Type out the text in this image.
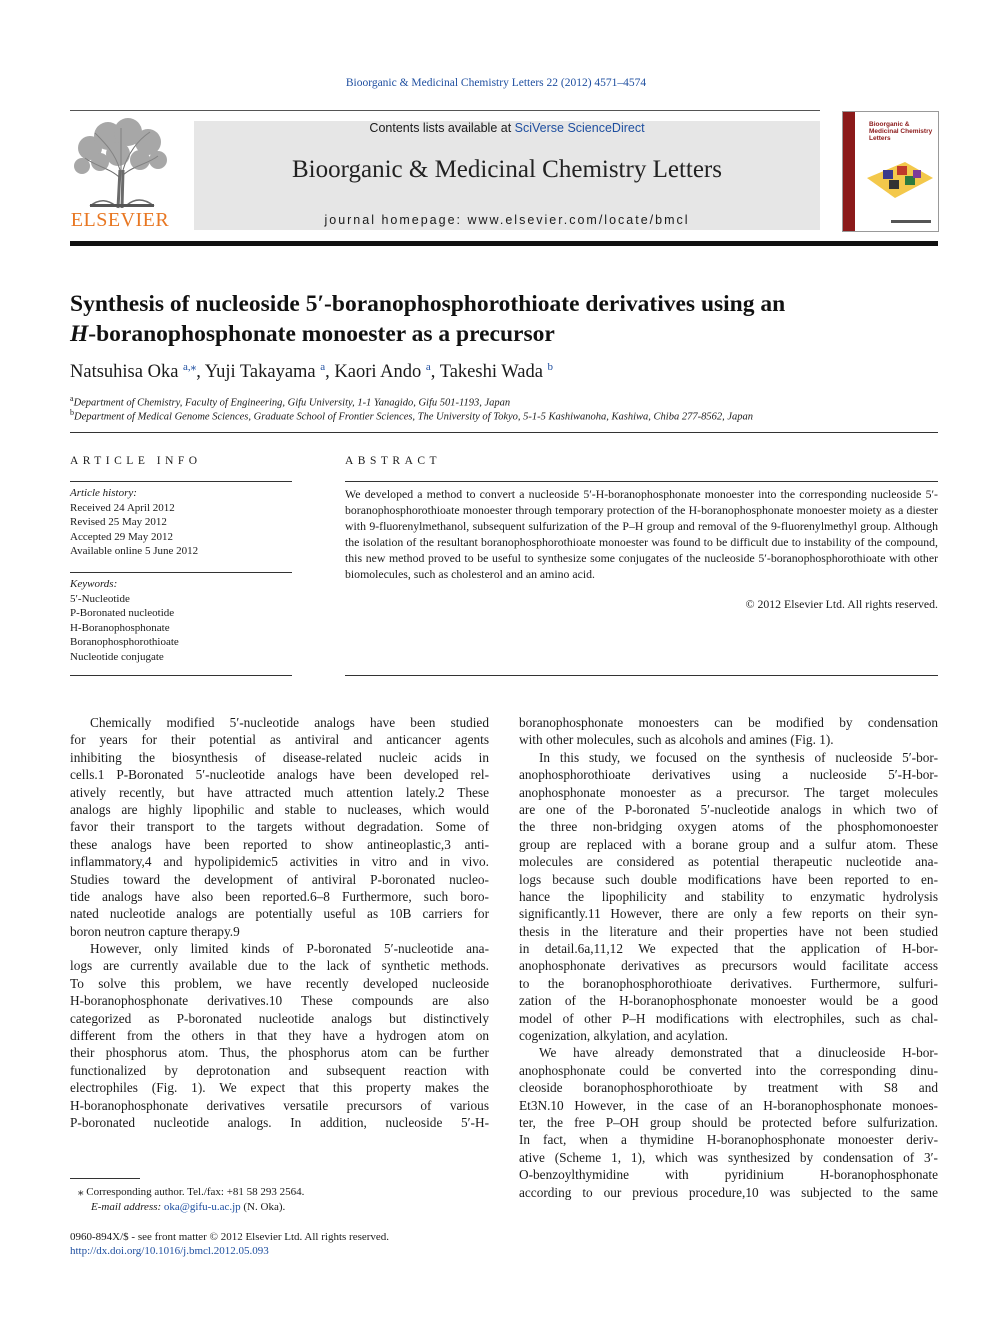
Bioorganic & Medicinal Chemistry Letters 22 (2012) 4571–4574
ELSEVIER
Contents lists available at SciVerse ScienceDirect
Bioorganic & Medicinal Chemistry Letters
journal homepage: www.elsevier.com/locate/bmcl
Bioorganic & Medicinal Chemistry Letters
Synthesis of nucleoside 5′-boranophosphorothioate derivatives using an
H-boranophosphonate monoester as a precursor
Natsuhisa Oka $^{a,⁎}$, Yuji Takayama $^a$, Kaori Ando $^a$, Takeshi Wada $^b$
$^a$Department of Chemistry, Faculty of Engineering, Gifu University, 1-1 Yanagido, Gifu 501-1193, Japan
$^b$Department of Medical Genome Sciences, Graduate School of Frontier Sciences, The University of Tokyo, 5-1-5 Kashiwanoha, Kashiwa, Chiba 277-8562, Japan
ARTICLE INFO
Article history:
Received 24 April 2012
Revised 25 May 2012
Accepted 29 May 2012
Available online 5 June 2012
Keywords:
5′-Nucleotide
P-Boronated nucleotide
H-Boranophosphonate
Boranophosphorothioate
Nucleotide conjugate
ABSTRACT
We developed a method to convert a nucleoside 5′-H-boranophosphonate monoester into the corresponding nucleoside 5′-boranophosphorothioate monoester through temporary protection of the H-boranophosphonate monoester moiety as a diester with 9-fluorenylmethanol, subsequent sulfurization of the P–H group and removal of the 9-fluorenylmethyl group. Although the isolation of the resultant boranophosphorothioate monoester was found to be difficult due to instability of the compound, this new method proved to be useful to synthesize some conjugates of the nucleoside 5′-boranophosphorothioate with other biomolecules, such as cholesterol and an amino acid.
© 2012 Elsevier Ltd. All rights reserved.
Chemically modified 5′-nucleotide analogs have been studied
for years for their potential as antiviral and anticancer agents
inhibiting the biosynthesis of disease-related nucleic acids in
cells.1 P-Boronated 5′-nucleotide analogs have been developed rel-
atively recently, but have attracted much attention lately.2 These
analogs are highly lipophilic and stable to nucleases, which would
favor their transport to the targets without degradation. Some of
these analogs have been reported to show antineoplastic,3 anti-
inflammatory,4 and hypolipidemic5 activities in vitro and in vivo.
Studies toward the development of antiviral P-boronated nucleo-
tide analogs have also been reported.6–8 Furthermore, such boro-
nated nucleotide analogs are potentially useful as 10B carriers for
boron neutron capture therapy.9
However, only limited kinds of P-boronated 5′-nucleotide ana-
logs are currently available due to the lack of synthetic methods.
To solve this problem, we have recently developed nucleoside
H-boranophosphonate derivatives.10 These compounds are also
categorized as P-boronated nucleotide analogs but distinctively
different from the others in that they have a hydrogen atom on
their phosphorus atom. Thus, the phosphorus atom can be further
functionalized by deprotonation and subsequent reaction with
electrophiles (Fig. 1). We expect that this property makes the
H-boranophosphonate derivatives versatile precursors of various
P-boronated nucleotide analogs. In addition, nucleoside 5′-H-
boranophosphonate monoesters can be modified by condensation
with other molecules, such as alcohols and amines (Fig. 1).
In this study, we focused on the synthesis of nucleoside 5′-bor-
anophosphorothioate derivatives using a nucleoside 5′-H-bor-
anophosphonate monoester as a precursor. The target molecules
are one of the P-boronated 5′-nucleotide analogs in which two of
the three non-bridging oxygen atoms of the phosphomonoester
group are replaced with a borane group and a sulfur atom. These
molecules are considered as potential therapeutic nucleotide ana-
logs because such double modifications have been reported to en-
hance the lipophilicity and stability to enzymatic hydrolysis
significantly.11 However, there are only a few reports on their syn-
thesis in the literature and their properties have not been studied
in detail.6a,11,12 We expected that the application of H-bor-
anophosphonate derivatives as precursors would facilitate access
to the boranophosphorothioate derivatives. Furthermore, sulfuri-
zation of the H-boranophosphonate monoester would be a good
model of other P–H modifications with electrophiles, such as chal-
cogenization, alkylation, and acylation.
We have already demonstrated that a dinucleoside H-bor-
anophosphonate could be converted into the corresponding dinu-
cleoside boranophosphorothioate by treatment with S8 and
Et3N.10 However, in the case of an H-boranophosphonate monoes-
ter, the free P–OH group should be protected before sulfurization.
In fact, when a thymidine H-boranophosphonate monoester deriv-
ative (Scheme 1, 1), which was synthesized by condensation of 3′-
O-benzoylthymidine with pyridinium H-boranophosphonate
according to our previous procedure,10 was subjected to the same
⁎ Corresponding author. Tel./fax: +81 58 293 2564.
E-mail address: oka@gifu-u.ac.jp (N. Oka).
0960-894X/$ - see front matter © 2012 Elsevier Ltd. All rights reserved.
http://dx.doi.org/10.1016/j.bmcl.2012.05.093
